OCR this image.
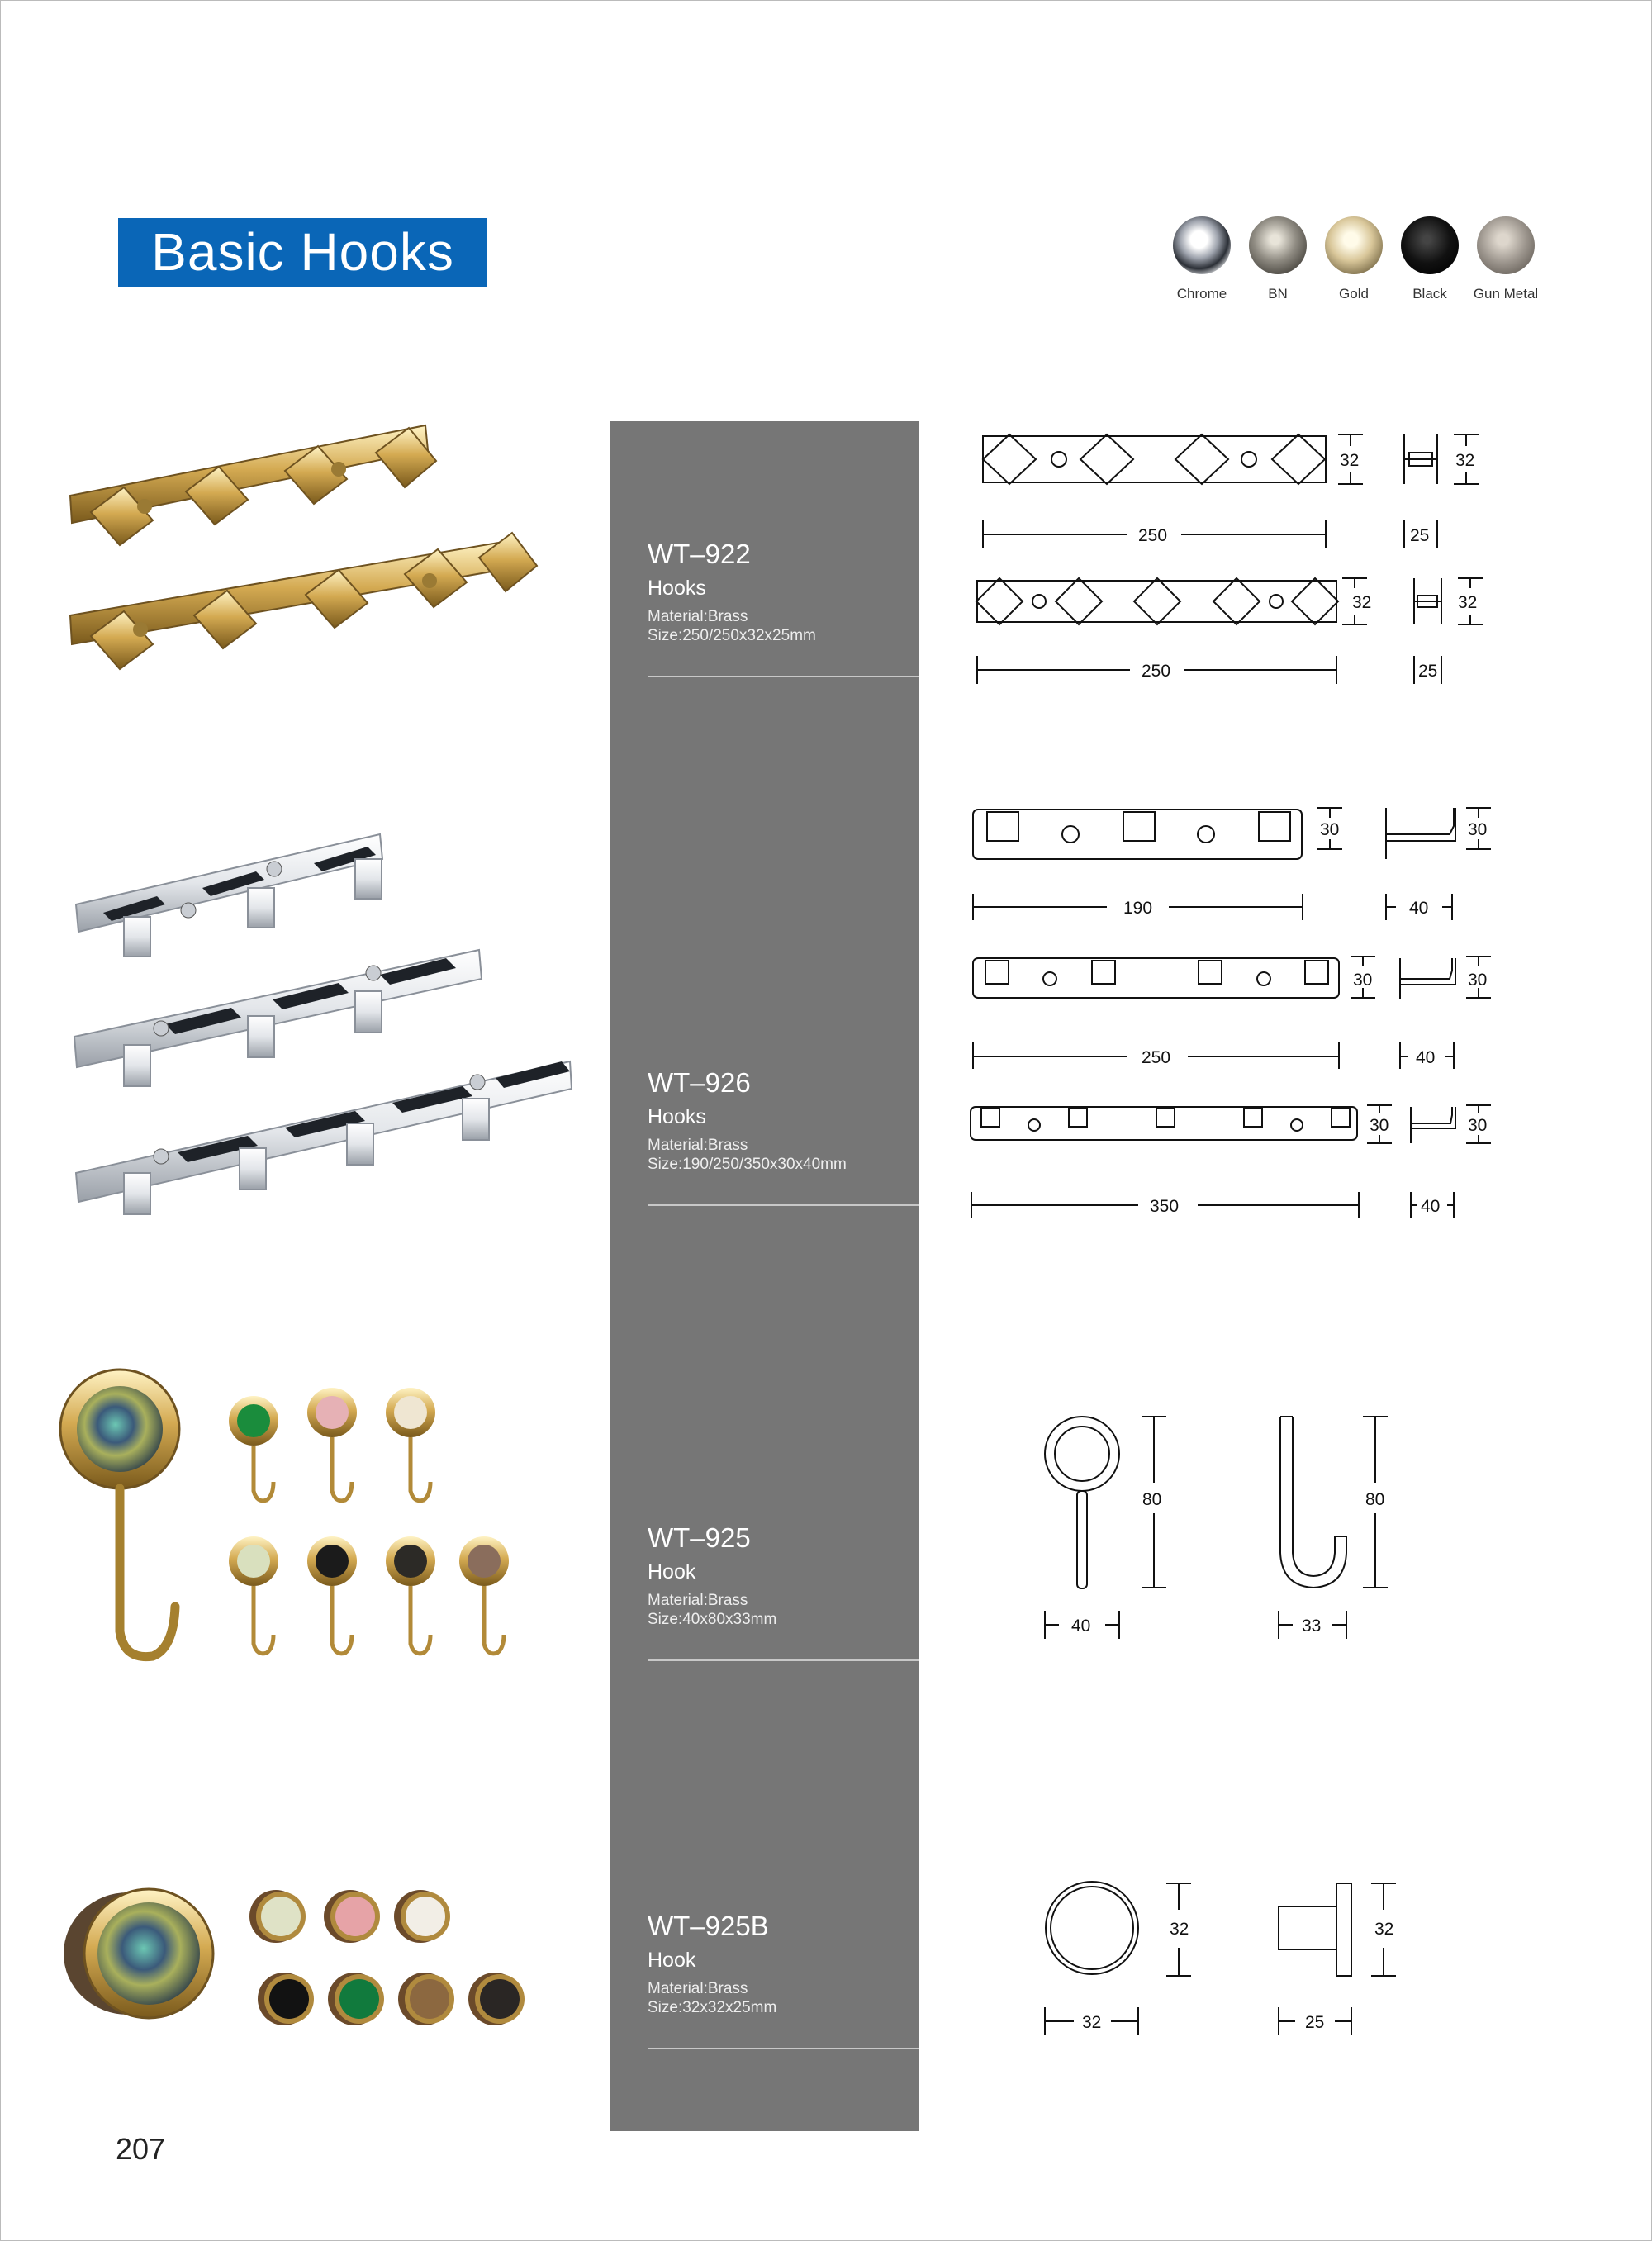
Basic Hooks
Chrome	BN	Gold	Black	Gun Metal
WT–922
Hooks
Material:Brass
Size:250/250x32x25mm
WT–926
Hooks
Material:Brass
Size:190/250/350x30x40mm
WT–925
Hook
Material:Brass
Size:40x80x33mm
WT–925B
Hook
Material:Brass
Size:32x32x25mm
32	32
250	25
32	32
250	25
30	30
190	40
30	30
250	40
30	30
350	40
80
40
80
33
32
32
32
25
207
